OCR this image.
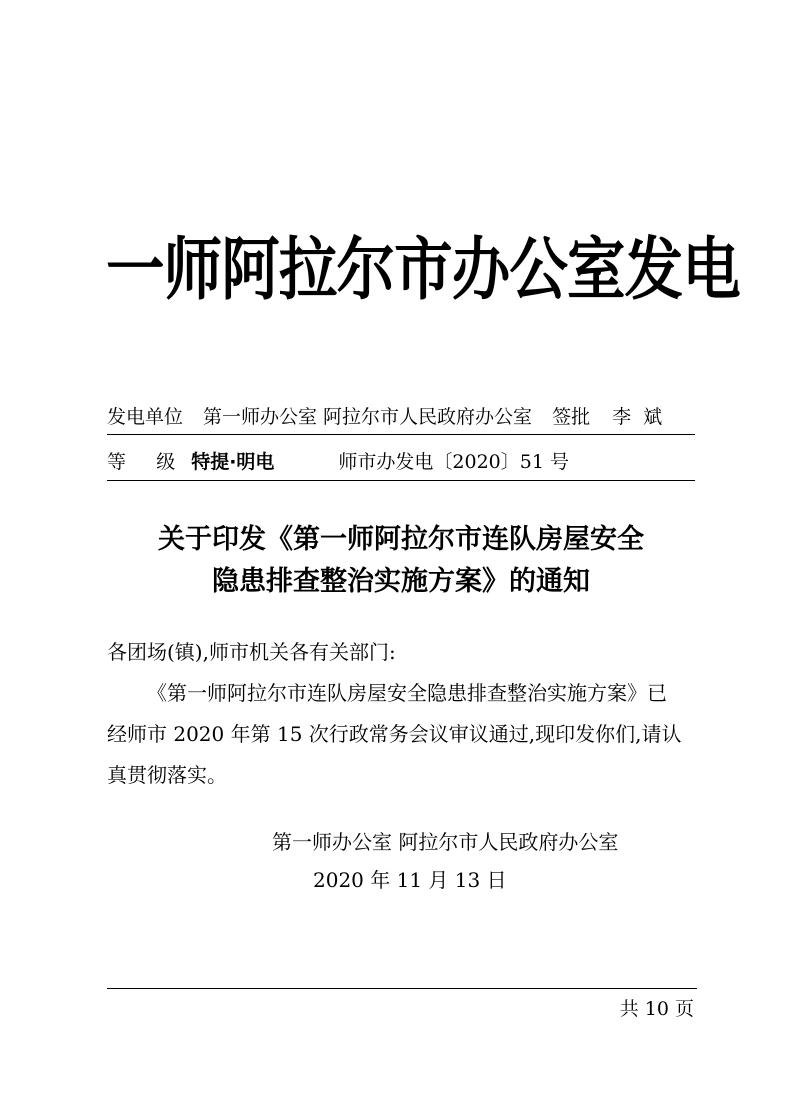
一师阿拉尔市办公室发电
发电单位 第一师办公室 阿拉尔市人民政府办公室 签批 李  斌
等     级 特提·明电	师市办发电〔2020〕51 号
关于印发《第一师阿拉尔市连队房屋安全
隐患排查整治实施方案》的通知
各团场(镇),师市机关各有关部门:
《第一师阿拉尔市连队房屋安全隐患排查整治实施方案》已
经师市 2020 年第 15 次行政常务会议审议通过,现印发你们,请认
真贯彻落实。
第一师办公室 阿拉尔市人民政府办公室
2020 年 11 月 13 日
共 10 页
